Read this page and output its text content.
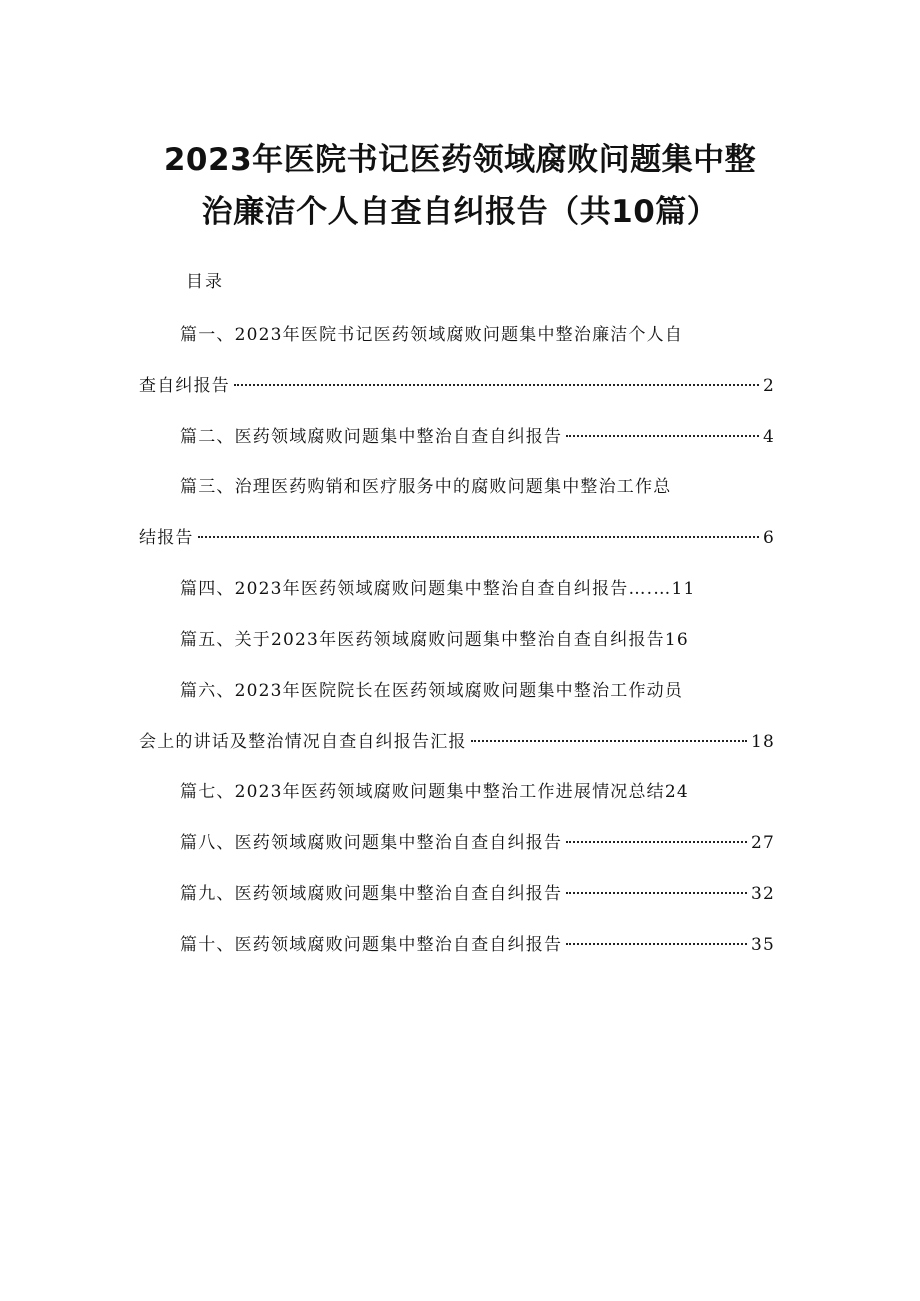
2023年医院书记医药领域腐败问题集中整
治廉洁个人自查自纠报告（共10篇）
目录
篇一、2023年医院书记医药领域腐败问题集中整治廉洁个人自
查自纠报告	2
篇二、医药领域腐败问题集中整治自查自纠报告	4
篇三、治理医药购销和医疗服务中的腐败问题集中整治工作总
结报告	6
篇四、2023年医药领域腐败问题集中整治自查自纠报告….…11
篇五、关于2023年医药领域腐败问题集中整治自查自纠报告16
篇六、2023年医院院长在医药领域腐败问题集中整治工作动员
会上的讲话及整治情况自查自纠报告汇报	18
篇七、2023年医药领域腐败问题集中整治工作进展情况总结24
篇八、医药领域腐败问题集中整治自查自纠报告	27
篇九、医药领域腐败问题集中整治自查自纠报告	32
篇十、医药领域腐败问题集中整治自查自纠报告	35
